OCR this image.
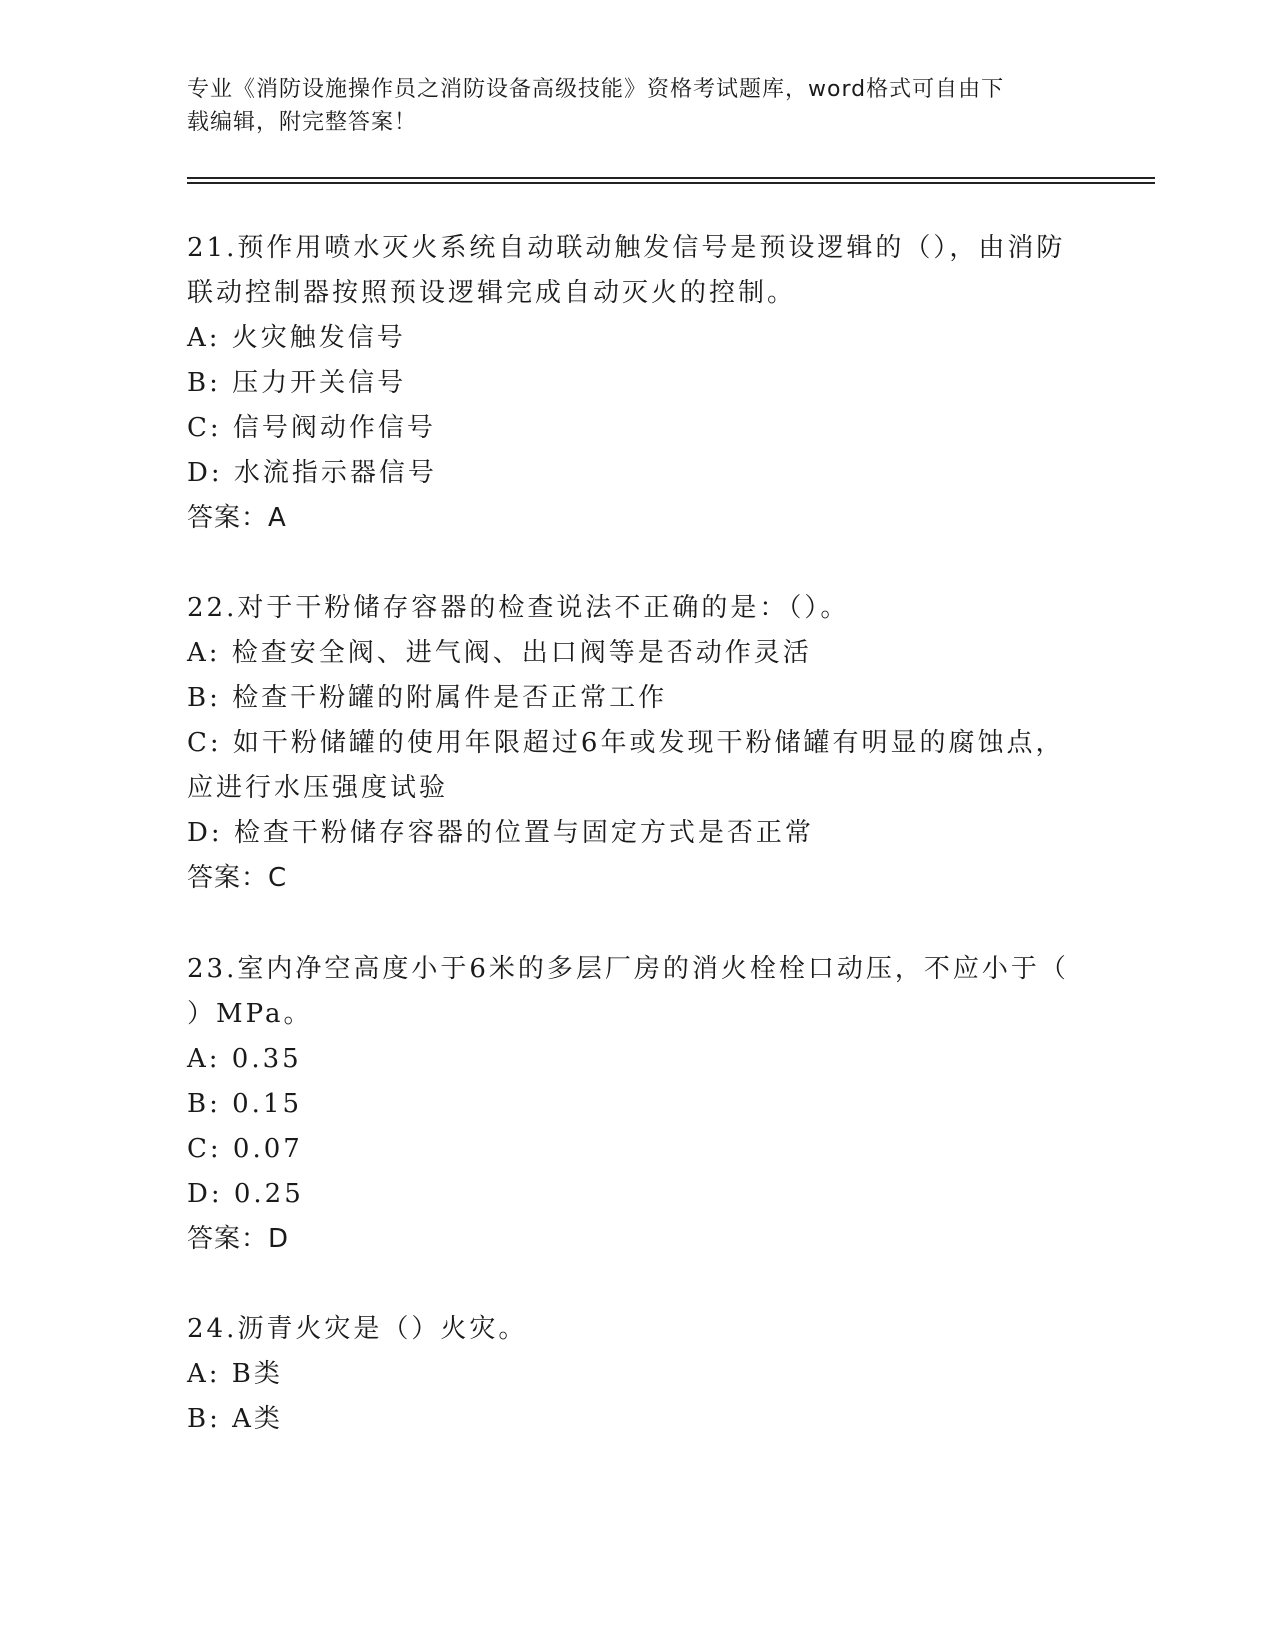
专业《消防设施操作员之消防设备高级技能》资格考试题库，word格式可自由下
载编辑，附完整答案！
21.预作用喷水灭火系统自动联动触发信号是预设逻辑的（），由消防
联动控制器按照预设逻辑完成自动灭火的控制。
A: 火灾触发信号
B: 压力开关信号
C: 信号阀动作信号
D: 水流指示器信号
答案：A
22.对于干粉储存容器的检查说法不正确的是：（）。
A: 检查安全阀、进气阀、出口阀等是否动作灵活
B: 检查干粉罐的附属件是否正常工作
C: 如干粉储罐的使用年限超过6年或发现干粉储罐有明显的腐蚀点，
应进行水压强度试验
D: 检查干粉储存容器的位置与固定方式是否正常
答案：C
23.室内净空高度小于6米的多层厂房的消火栓栓口动压，不应小于（
）MPa。
A: 0.35
B: 0.15
C: 0.07
D: 0.25
答案：D
24.沥青火灾是（）火灾。
A: B类
B: A类
